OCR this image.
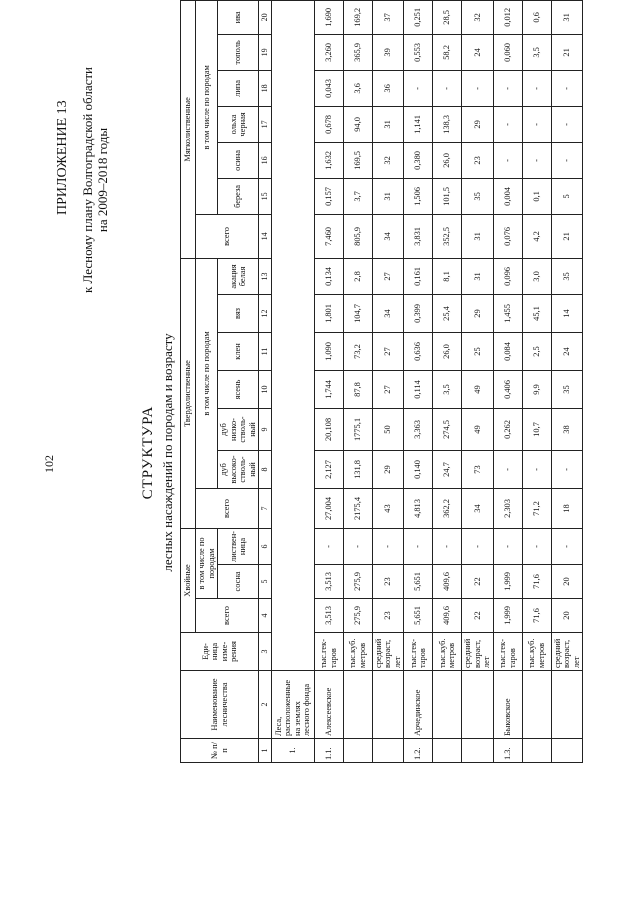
102
ПРИЛОЖЕНИЕ 13 к Лесному плану Волгоградской области на 2009–2018 годы
СТРУКТУРА лесных насаждений по породам и возрасту
№ п/п	Наименование лесничества	Еди- ница изме- рения	Хвойные			Твердолиственные							Мягколиственные						
			всего	в том числе по породам		всего	в том числе по породам						всего	в том числе по породам					
				сосна	листвен- ница		дуб высоко- стволь- ный	дуб низко- стволь- ный	ясень	клен	вяз	акация белая		береза	осина	ольха черная	липа	тополь	ива
1	2	3	4	5	6	7	8	9	10	11	12	13	14	15	16	17	18	19	20
1.	Леса, расположенные на землях лесного фонда																		
1.1.	Алексеевское	тыс.гек- таров	3,513	3,513	-	27,004	2,127	20,108	1,744	1,090	1,801	0,134	7,460	0,157	1,632	0,678	0,043	3,260	1,690
		тыс.куб. метров	275,9	275,9	-	2175,4	131,8	1775,1	87,8	73,2	104,7	2,8	805,9	3,7	169,5	94,0	3,6	365,9	169,2
		средний возраст, лет	23	23	-	43	29	50	27	27	34	27	34	31	32	31	36	39	37
1.2.	Арчединское	тыс.гек- таров	5,651	5,651	-	4,813	0,140	3,363	0,114	0,636	0,399	0,161	3,831	1,506	0,380	1,141	-	0,553	0,251
		тыс.куб. метров	409,6	409,6	-	362,2	24,7	274,5	3,5	26,0	25,4	8,1	352,5	101,5	26,0	138,3	-	58,2	28,5
		средний возраст, лет	22	22	-	34	73	49	49	25	29	31	31	35	23	29	-	24	32
1.3.	Быковское	тыс.гек- таров	1,999	1,999	-	2,303	-	0,262	0,406	0,084	1,455	0,096	0,076	0,004	-	-	-	0,060	0,012
		тыс.куб. метров	71,6	71,6	-	71,2	-	10,7	9,9	2,5	45,1	3,0	4,2	0,1	-	-	-	3,5	0,6
		средний возраст, лет	20	20	-	18	-	38	35	24	14	35	21	5	-	-	-	21	31
